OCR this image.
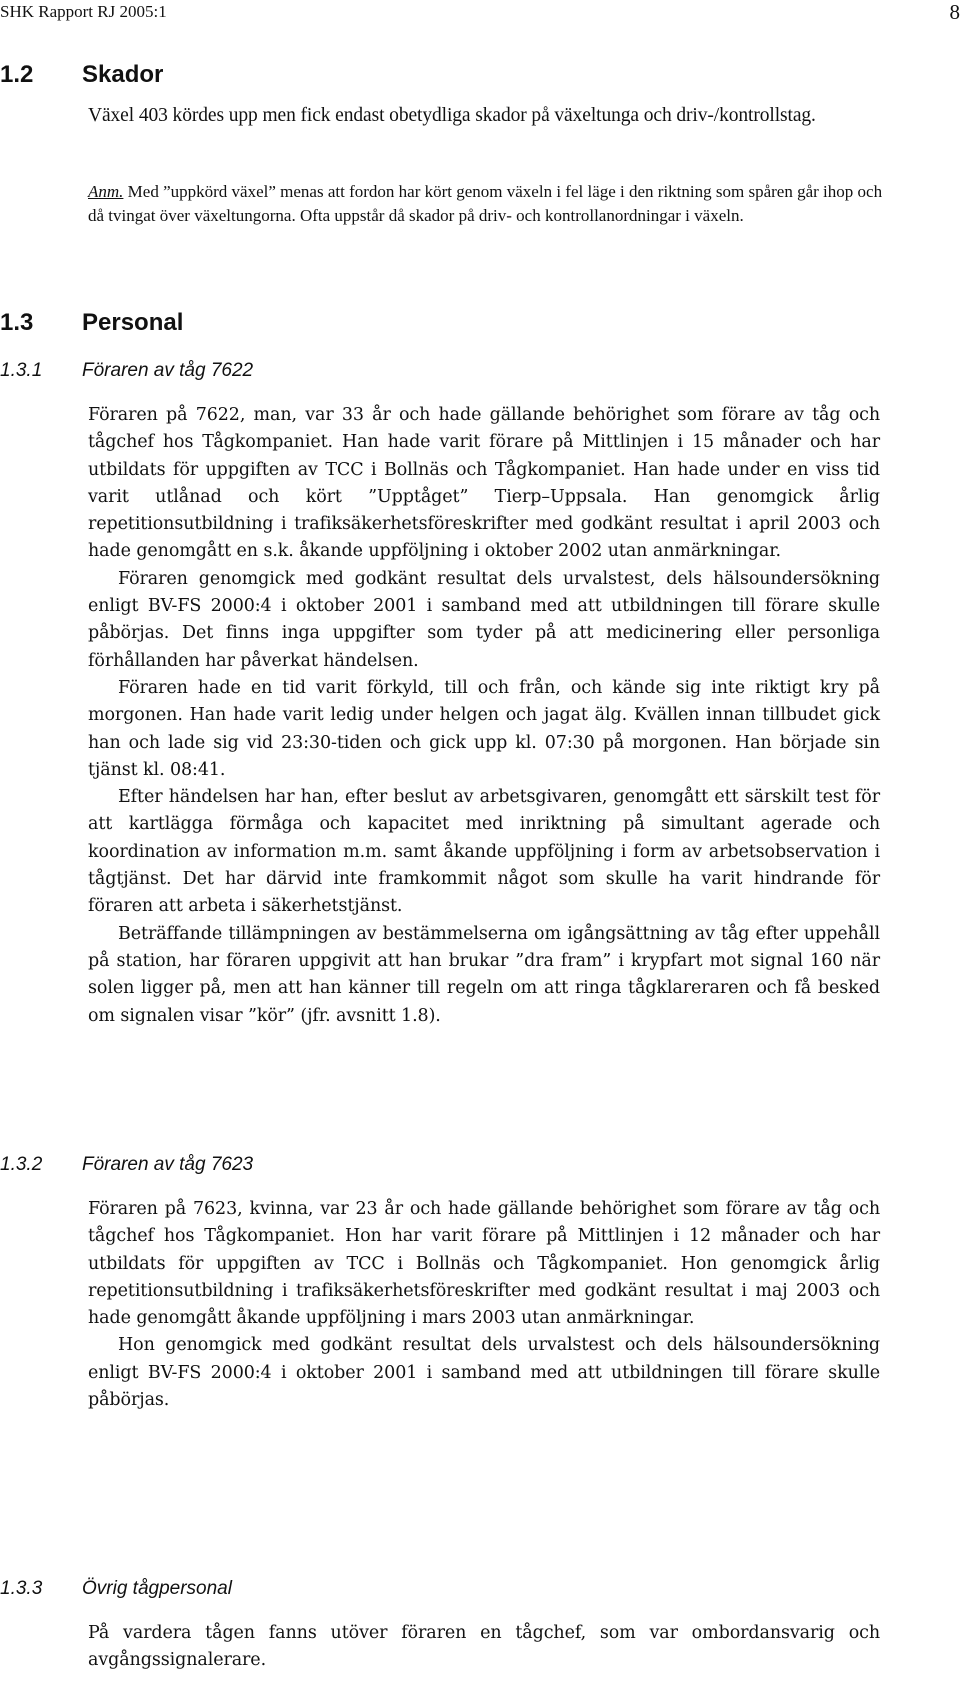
SHK Rapport RJ 2005:1	8
1.2 Skador

Växel 403 kördes upp men fick endast obetydliga skador på växeltunga och driv-/kontrollstag.

Anm. Med ”uppkörd växel” menas att fordon har kört genom växeln i fel läge i den riktning som spåren går ihop och då tvingat över växeltungorna. Ofta uppstår då skador på driv- och kontrollanordningar i växeln.
1.3 Personal
1.3.1 Föraren av tåg 7622

Föraren på 7622, man, var 33 år och hade gällande behörighet som förare av tåg och tågchef hos Tågkompaniet. Han hade varit förare på Mittlinjen i 15 månader och har utbildats för uppgiften av TCC i Bollnäs och Tågkompaniet. Han hade under en viss tid varit utlånad och kört ”Upptåget” Tierp–Uppsala. Han genomgick årlig repetitionsutbildning i trafiksäkerhetsföreskrifter med godkänt resultat i april 2003 och hade genomgått en s.k. åkande uppföljning i oktober 2002 utan anmärkningar.

Föraren genomgick med godkänt resultat dels urvalstest, dels hälsoundersökning enligt BV-FS 2000:4 i oktober 2001 i samband med att utbildningen till förare skulle påbörjas. Det finns inga uppgifter som tyder på att medicinering eller personliga förhållanden har påverkat händelsen.

Föraren hade en tid varit förkyld, till och från, och kände sig inte riktigt kry på morgonen. Han hade varit ledig under helgen och jagat älg. Kvällen innan tillbudet gick han och lade sig vid 23:30-tiden och gick upp kl. 07:30 på morgonen. Han började sin tjänst kl. 08:41.

Efter händelsen har han, efter beslut av arbetsgivaren, genomgått ett särskilt test för att kartlägga förmåga och kapacitet med inriktning på simultant agerade och koordination av information m.m. samt åkande uppföljning i form av arbetsobservation i tågtjänst. Det har därvid inte framkommit något som skulle ha varit hindrande för föraren att arbeta i säkerhetstjänst.

Beträffande tillämpningen av bestämmelserna om igångsättning av tåg efter uppehåll på station, har föraren uppgivit att han brukar ”dra fram” i krypfart mot signal 160 när solen ligger på, men att han känner till regeln om att ringa tågklareraren och få besked om signalen visar ”kör” (jfr. avsnitt 1.8).

1.3.2 Föraren av tåg 7623

Föraren på 7623, kvinna, var 23 år och hade gällande behörighet som förare av tåg och tågchef hos Tågkompaniet. Hon har varit förare på Mittlinjen i 12 månader och har utbildats för uppgiften av TCC i Bollnäs och Tågkompaniet. Hon genomgick årlig repetitionsutbildning i trafiksäkerhetsföreskrifter med godkänt resultat i maj 2003 och hade genomgått åkande uppföljning i mars 2003 utan anmärkningar.

Hon genomgick med godkänt resultat dels urvalstest och dels hälsoundersökning enligt BV-FS 2000:4 i oktober 2001 i samband med att utbildningen till förare skulle påbörjas.

1.3.3 Övrig tågpersonal

På vardera tågen fanns utöver föraren en tågchef, som var ombordansvarig och avgångssignalerare.
